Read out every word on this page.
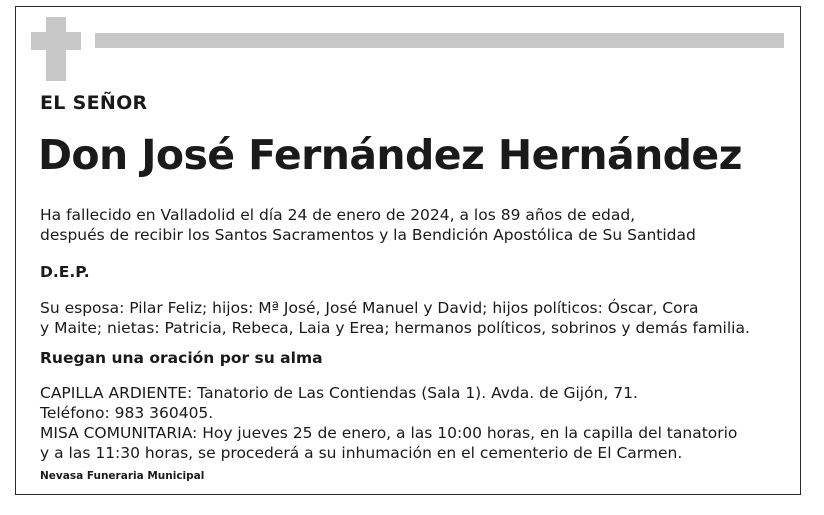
EL SEÑOR
Don José Fernández Hernández
Ha fallecido en Valladolid el día 24 de enero de 2024, a los 89 años de edad,
después de recibir los Santos Sacramentos y la Bendición Apostólica de Su Santidad
D.E.P.
Su esposa: Pilar Feliz; hijos: Mª José, José Manuel y David; hijos políticos: Óscar, Cora
y Maite; nietas: Patricia, Rebeca, Laia y Erea; hermanos políticos, sobrinos y demás familia.
Ruegan una oración por su alma
CAPILLA ARDIENTE: Tanatorio de Las Contiendas (Sala 1). Avda. de Gijón, 71.
Teléfono: 983 360405.
MISA COMUNITARIA: Hoy jueves 25 de enero, a las 10:00 horas, en la capilla del tanatorio
y a las 11:30 horas, se procederá a su inhumación en el cementerio de El Carmen.
Nevasa Funeraria Municipal
